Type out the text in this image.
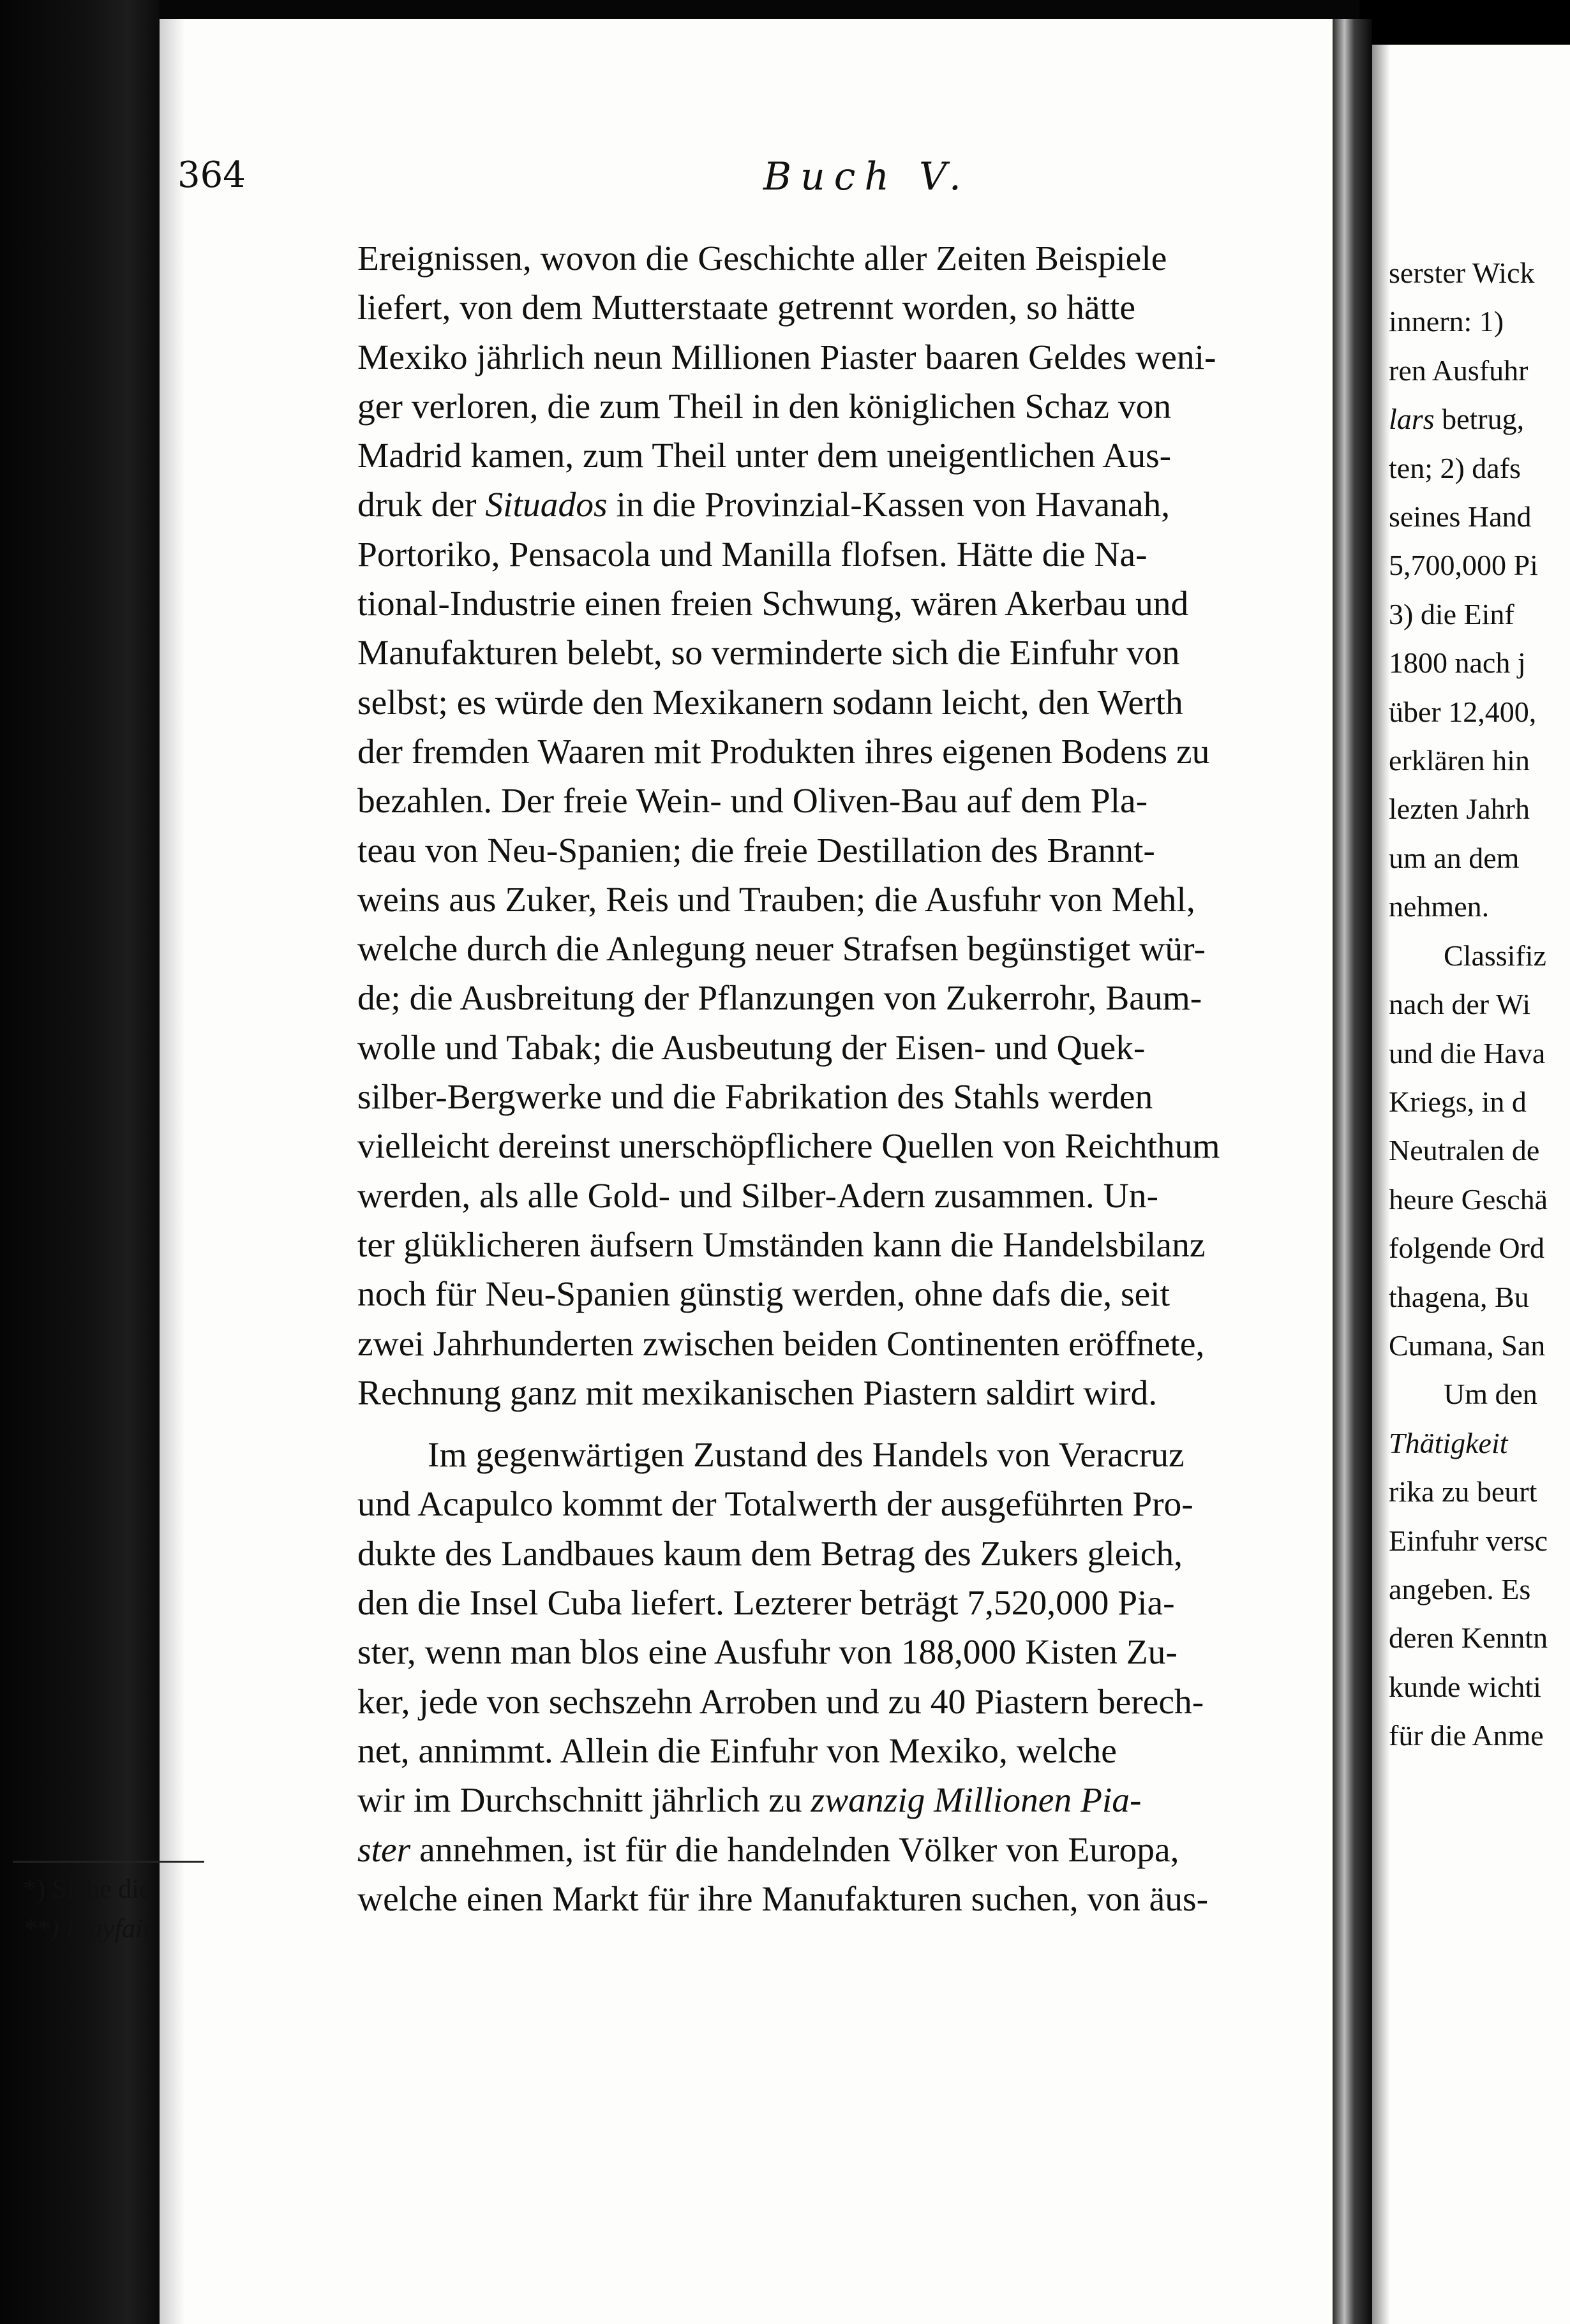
364	Buch V.
Ereignissen, wovon die Geschichte aller Zeiten Beispiele
liefert, von dem Mutterstaate getrennt worden, so hätte
Mexiko jährlich neun Millionen Piaster baaren Geldes weni-
ger verloren, die zum Theil in den königlichen Schaz von
Madrid kamen, zum Theil unter dem uneigentlichen Aus-
druk der Situados in die Provinzial-Kassen von Havanah,
Portoriko, Pensacola und Manilla flofsen. Hätte die Na-
tional-Industrie einen freien Schwung, wären Akerbau und
Manufakturen belebt, so verminderte sich die Einfuhr von
selbst; es würde den Mexikanern sodann leicht, den Werth
der fremden Waaren mit Produkten ihres eigenen Bodens zu
bezahlen. Der freie Wein- und Oliven-Bau auf dem Pla-
teau von Neu-Spanien; die freie Destillation des Brannt-
weins aus Zuker, Reis und Trauben; die Ausfuhr von Mehl,
welche durch die Anlegung neuer Strafsen begünstiget wür-
de; die Ausbreitung der Pflanzungen von Zukerrohr, Baum-
wolle und Tabak; die Ausbeutung der Eisen- und Quek-
silber-Bergwerke und die Fabrikation des Stahls werden
vielleicht dereinst unerschöpflichere Quellen von Reichthum
werden, als alle Gold- und Silber-Adern zusammen. Un-
ter glüklicheren äufsern Umständen kann die Handelsbilanz
noch für Neu-Spanien günstig werden, ohne dafs die, seit
zwei Jahrhunderten zwischen beiden Continenten eröffnete,
Rechnung ganz mit mexikanischen Piastern saldirt wird.
Im gegenwärtigen Zustand des Handels von Veracruz
und Acapulco kommt der Totalwerth der ausgeführten Pro-
dukte des Landbaues kaum dem Betrag des Zukers gleich,
den die Insel Cuba liefert. Lezterer beträgt 7,520,000 Pia-
ster, wenn man blos eine Ausfuhr von 188,000 Kisten Zu-
ker, jede von sechszehn Arroben und zu 40 Piastern berech-
net, annimmt. Allein die Einfuhr von Mexiko, welche
wir im Durchschnitt jährlich zu zwanzig Millionen Pia-
ster annehmen, ist für die handelnden Völker von Europa,
welche einen Markt für ihre Manufakturen suchen, von äus-
serster Wick
innern: 1)
ren Ausfuhr
lars betrug,
ten; 2) dafs
seines Hand
5,700,000 Pi
3) die Einf
1800 nach j
über 12,400,
erklären hin
lezten Jahrh
um an dem
nehmen.
Classifiz
nach der Wi
und die Hava
Kriegs, in d
Neutralen de
heure Geschä
folgende Ord
thagena, Bu
Cumana, San
Um den
Thätigkeit
rika zu beurt
Einfuhr versc
angeben. Es
deren Kenntn
kunde wichti
für die Anme
*) Siehe die
**) Playfair
